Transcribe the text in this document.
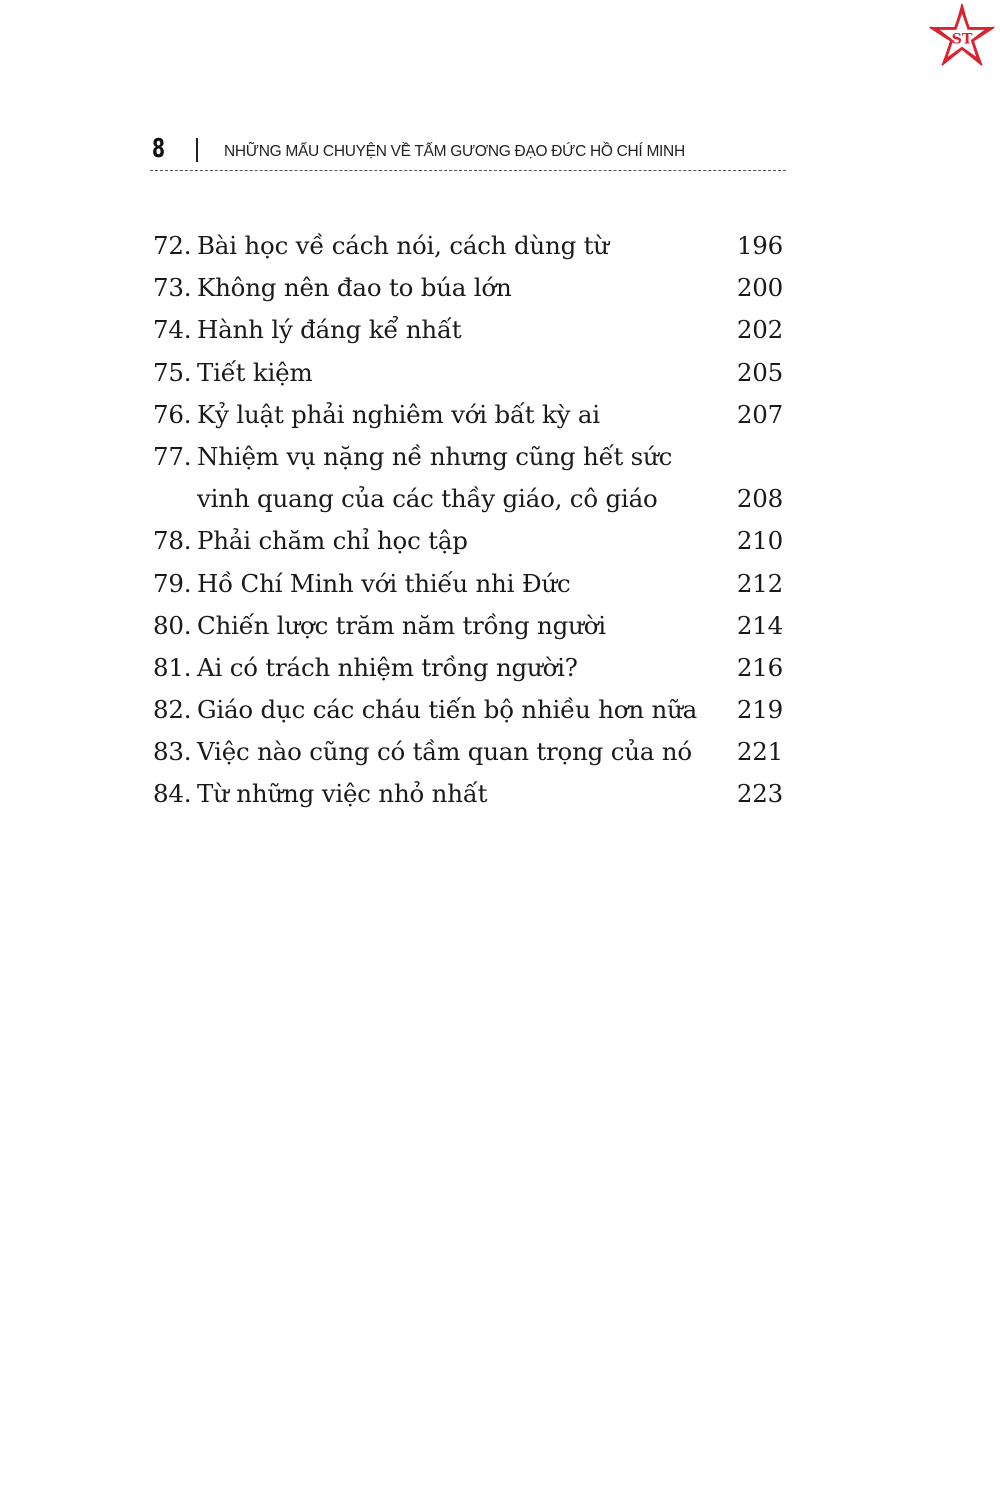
ST
8	NHỮNG MẨU CHUYỆN VỀ TẤM GƯƠNG ĐẠO ĐỨC HỒ CHÍ MINH
72. Bài học về cách nói, cách dùng từ	196
73. Không nên đao to búa lớn	200
74. Hành lý đáng kể nhất	202
75. Tiết kiệm	205
76. Kỷ luật phải nghiêm với bất kỳ ai	207
77. Nhiệm vụ nặng nề nhưng cũng hết sức
vinh quang của các thầy giáo, cô giáo	208
78. Phải chăm chỉ học tập	210
79. Hồ Chí Minh với thiếu nhi Đức	212
80. Chiến lược trăm năm trồng người	214
81. Ai có trách nhiệm trồng người?	216
82. Giáo dục các cháu tiến bộ nhiều hơn nữa 219
83. Việc nào cũng có tầm quan trọng của nó 221
84. Từ những việc nhỏ nhất	223
